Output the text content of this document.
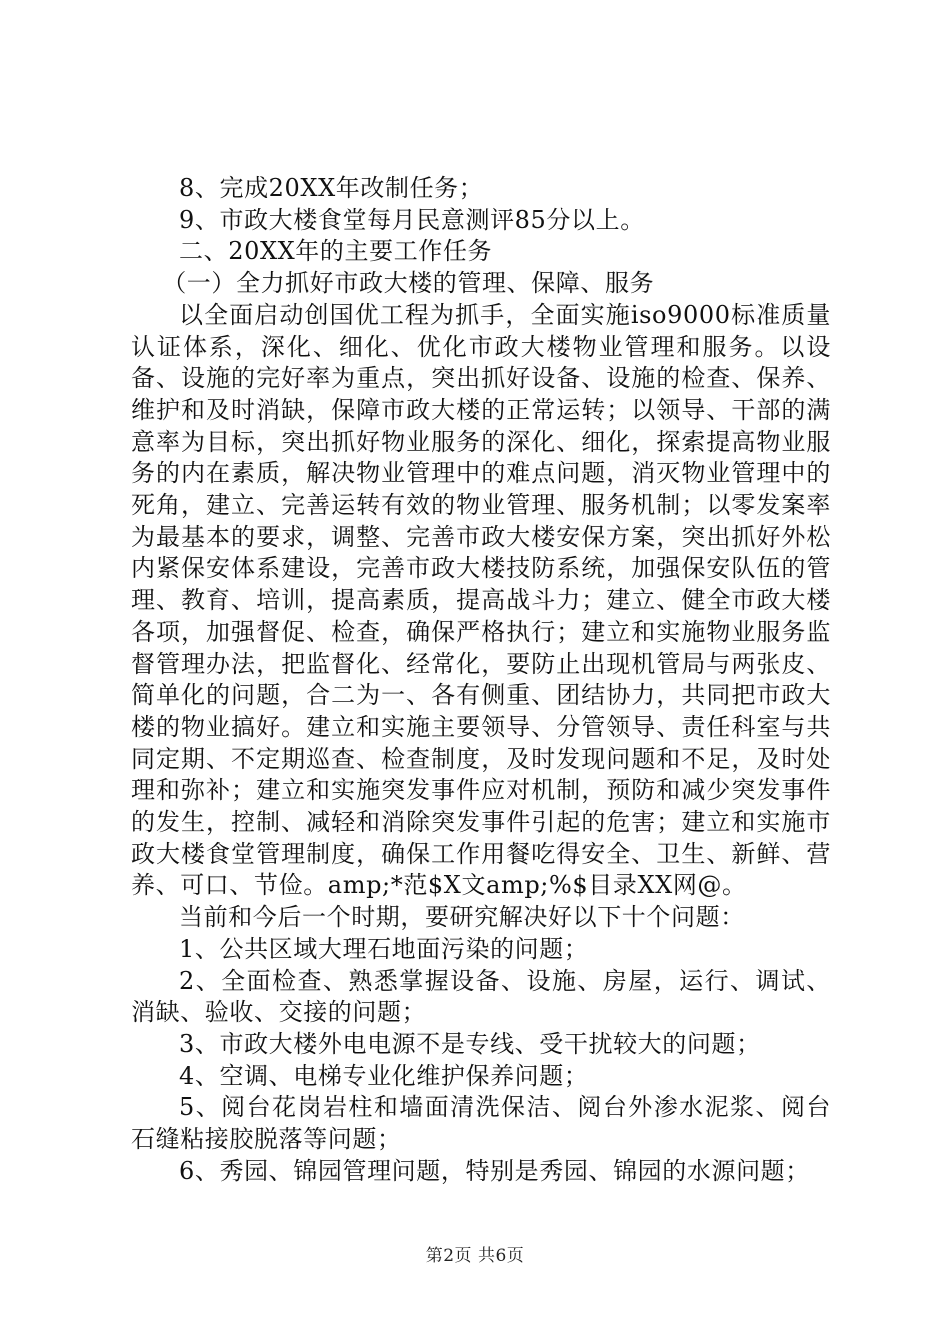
8、完成20XX年改制任务；

9、市政大楼食堂每月民意测评85分以上。

二、20XX年的主要工作任务

（一）全力抓好市政大楼的管理、保障、服务

以全面启动创国优工程为抓手，全面实施iso9000标准质量认证体系，深化、细化、优化市政大楼物业管理和服务。以设备、设施的完好率为重点，突出抓好设备、设施的检查、保养、维护和及时消缺，保障市政大楼的正常运转；以领导、干部的满意率为目标，突出抓好物业服务的深化、细化，探索提高物业服务的内在素质，解决物业管理中的难点问题，消灭物业管理中的死角，建立、完善运转有效的物业管理、服务机制；以零发案率为最基本的要求，调整、完善市政大楼安保方案，突出抓好外松内紧保安体系建设，完善市政大楼技防系统，加强保安队伍的管理、教育、培训，提高素质，提高战斗力；建立、健全市政大楼各项，加强督促、检查，确保严格执行；建立和实施物业服务监督管理办法，把监督化、经常化，要防止出现机管局与两张皮、简单化的问题，合二为一、各有侧重、团结协力，共同把市政大楼的物业搞好。建立和实施主要领导、分管领导、责任科室与共同定期、不定期巡查、检查制度，及时发现问题和不足，及时处理和弥补；建立和实施突发事件应对机制，预防和减少突发事件的发生，控制、减轻和消除突发事件引起的危害；建立和实施市政大楼食堂管理制度，确保工作用餐吃得安全、卫生、新鲜、营养、可口、节俭。amp;*范$X文amp;%$目录XX网@。

当前和今后一个时期，要研究解决好以下十个问题：

1、公共区域大理石地面污染的问题；

2、全面检查、熟悉掌握设备、设施、房屋，运行、调试、消缺、验收、交接的问题；

3、市政大楼外电电源不是专线、受干扰较大的问题；

4、空调、电梯专业化维护保养问题；

5、阅台花岗岩柱和墙面清洗保洁、阅台外渗水泥浆、阅台石缝粘接胶脱落等问题；

6、秀园、锦园管理问题，特别是秀园、锦园的水源问题；

第2页 共6页
